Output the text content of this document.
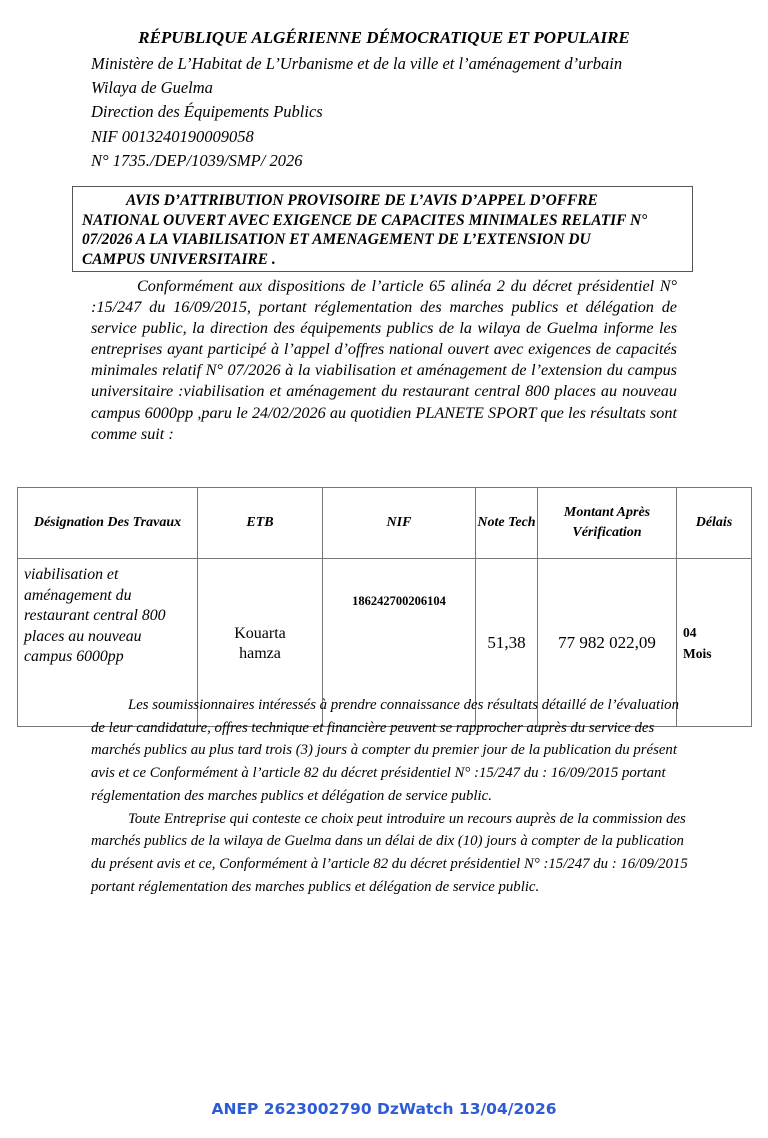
RÉPUBLIQUE ALGÉRIENNE DÉMOCRATIQUE ET POPULAIRE
Ministère de L’Habitat de L’Urbanisme et de la ville et l’aménagement d’urbain
Wilaya de Guelma
Direction des Équipements Publics
NIF 0013240190009058
N° 1735./DEP/1039/SMP/ 2026
AVIS D’ATTRIBUTION PROVISOIRE DE L’AVIS D’APPEL D’OFFRE
NATIONAL OUVERT AVEC EXIGENCE DE CAPACITES MINIMALES RELATIF N°
07/2026 A LA VIABILISATION ET AMENAGEMENT DE L’EXTENSION DU
CAMPUS UNIVERSITAIRE .

Conformément aux dispositions de l’article 65 alinéa 2 du décret présidentiel N° :15/247 du 16/09/2015, portant réglementation des marches publics et délégation de service public, la direction des équipements publics de la wilaya de Guelma informe les entreprises ayant participé à l’appel d’offres national ouvert avec exigences de capacités minimales relatif N° 07/2026 à la viabilisation et aménagement de l’extension du campus universitaire :viabilisation et aménagement du restaurant central 800 places au nouveau campus 6000pp ,paru le 24/02/2026 au quotidien PLANETE SPORT que les résultats sont comme suit :

Désignation Des Travaux	ETB	NIF	Note Tech	Montant Après Vérification	Délais
viabilisation et aménagement du restaurant central 800 places au nouveau campus 6000pp	Kouarta hamza	186242700206104	51,38	77 982 022,09	04 Mois

Les soumissionnaires intéressés à prendre connaissance des résultats détaillé de l’évaluation de leur candidature, offres technique et financière peuvent se rapprocher auprès du service des marchés publics au plus tard trois (3) jours à compter du premier jour de la publication du présent avis et ce Conformément à l’article 82 du décret présidentiel N° :15/247 du : 16/09/2015 portant réglementation des marches publics et délégation de service public.

Toute Entreprise qui conteste ce choix peut introduire un recours auprès de la commission des marchés publics de la wilaya de Guelma dans un délai de dix (10) jours à compter de la publication du présent avis et ce, Conformément à l’article 82 du décret présidentiel N° :15/247 du : 16/09/2015 portant réglementation des marches publics et délégation de service public.

ANEP 2623002790 DzWatch 13/04/2026
